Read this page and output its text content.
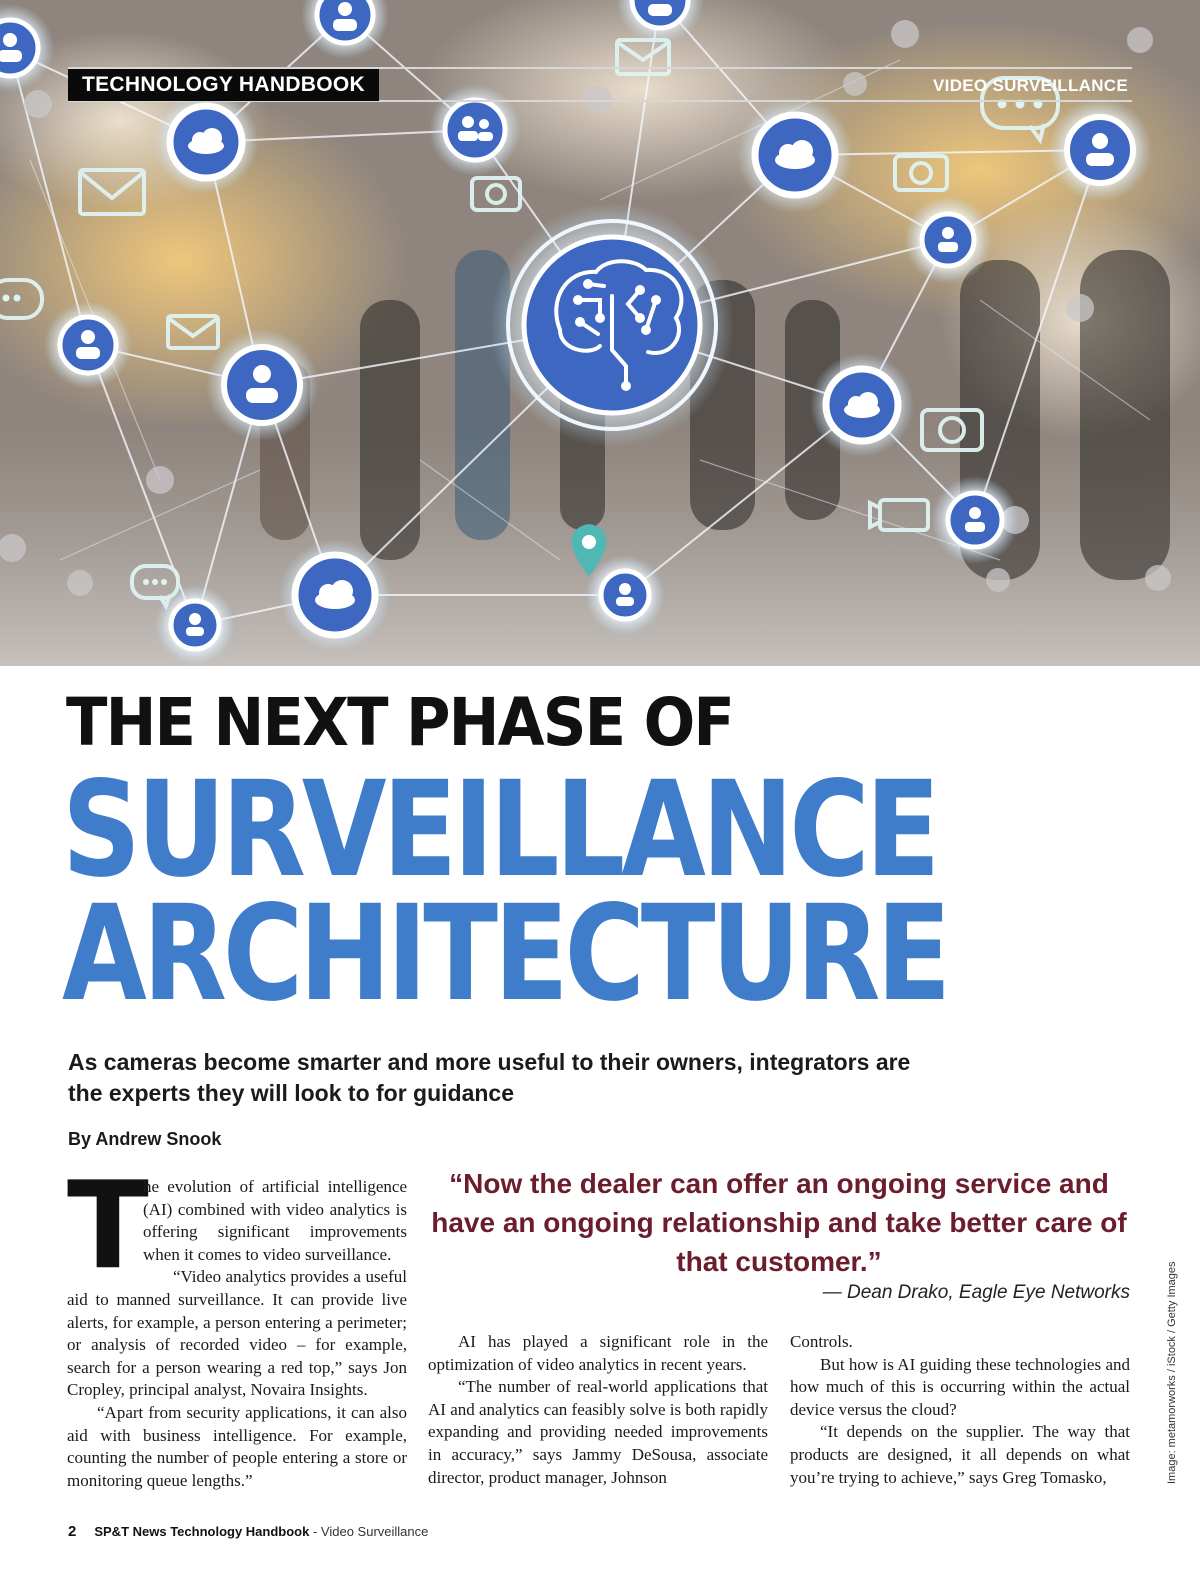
TECHNOLOGY HANDBOOK	VIDEO SURVEILLANCE
THE NEXT PHASE OF
SURVEILLANCE
ARCHITECTURE
As cameras become smarter and more useful to their owners, integrators are the experts they will look to for guidance
By Andrew Snook
T

he evolution of artificial intelligence (AI) combined with video analytics is offering significant improvements when it comes to video surveillance.

“Video analytics provides a useful aid to manned surveillance. It can provide live alerts, for example, a person entering a perimeter; or analysis of recorded video – for example, search for a person wearing a red top,” says Jon Cropley, principal analyst, Novaira Insights.

“Apart from security applications, it can also aid with business intelligence. For example, counting the number of people entering a store or monitoring queue lengths.”

“Now the dealer can offer an ongoing service and have an ongoing relationship and take better care of that customer.”
— Dean Drako, Eagle Eye Networks

AI has played a significant role in the optimization of video analytics in recent years.

“The number of real-world applications that AI and analytics can feasibly solve is both rapidly expanding and providing needed improvements in accuracy,” says Jammy DeSousa, associate director, product manager, Johnson

Controls.

But how is AI guiding these technologies and how much of this is occurring within the actual device versus the cloud?

“It depends on the supplier. The way that products are designed, it all depends on what you’re trying to achieve,” says Greg Tomasko,	Image: metamorworks / iStock / Getty Images
2 SP&T News Technology Handbook - Video Surveillance
